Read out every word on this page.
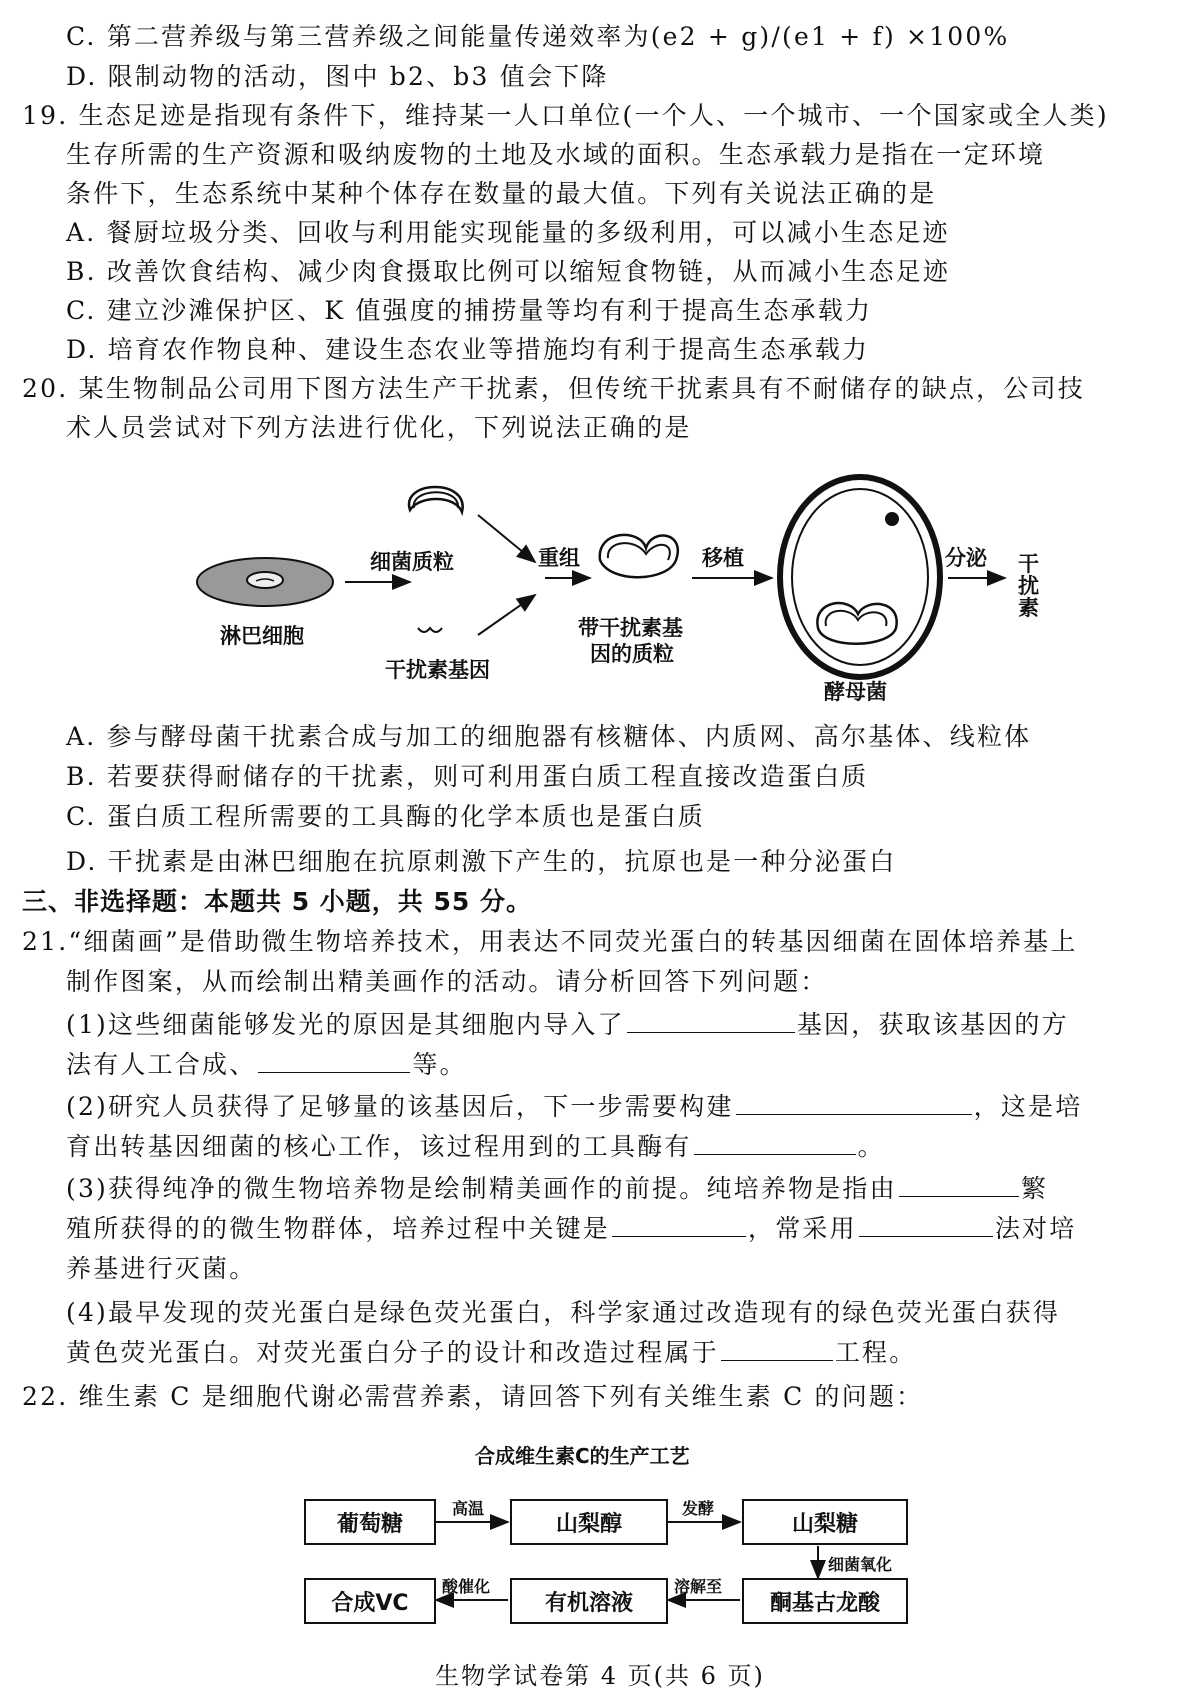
C. 第二营养级与第三营养级之间能量传递效率为(e2 + g)/(e1 + f) ×100%
D. 限制动物的活动，图中 b2、b3 值会下降
19. 生态足迹是指现有条件下，维持某一人口单位(一个人、一个城市、一个国家或全人类)
生存所需的生产资源和吸纳废物的土地及水域的面积。生态承载力是指在一定环境
条件下，生态系统中某种个体存在数量的最大值。下列有关说法正确的是
A. 餐厨垃圾分类、回收与利用能实现能量的多级利用，可以减小生态足迹
B. 改善饮食结构、减少肉食摄取比例可以缩短食物链，从而减小生态足迹
C. 建立沙滩保护区、K 值强度的捕捞量等均有利于提高生态承载力
D. 培育农作物良种、建设生态农业等措施均有利于提高生态承载力
20. 某生物制品公司用下图方法生产干扰素，但传统干扰素具有不耐储存的缺点，公司技
术人员尝试对下列方法进行优化，下列说法正确的是
淋巴细胞
细菌质粒
干扰素基因
重组
带干扰素基
因的质粒
移植
酵母菌
分泌 干
扰
素
A. 参与酵母菌干扰素合成与加工的细胞器有核糖体、内质网、高尔基体、线粒体
B. 若要获得耐储存的干扰素，则可利用蛋白质工程直接改造蛋白质
C. 蛋白质工程所需要的工具酶的化学本质也是蛋白质
D. 干扰素是由淋巴细胞在抗原刺激下产生的，抗原也是一种分泌蛋白
三、非选择题：本题共 5 小题，共 55 分。
21.“细菌画”是借助微生物培养技术，用表达不同荧光蛋白的转基因细菌在固体培养基上
制作图案，从而绘制出精美画作的活动。请分析回答下列问题：
(1)这些细菌能够发光的原因是其细胞内导入了	基因，获取该基因的方
法有人工合成、	等。
(2)研究人员获得了足够量的该基因后，下一步需要构建	，这是培
育出转基因细菌的核心工作，该过程用到的工具酶有	。
(3)获得纯净的微生物培养物是绘制精美画作的前提。纯培养物是指由	繁
殖所获得的的微生物群体，培养过程中关键是	，常采用	法对培
养基进行灭菌。
(4)最早发现的荧光蛋白是绿色荧光蛋白，科学家通过改造现有的绿色荧光蛋白获得
黄色荧光蛋白。对荧光蛋白分子的设计和改造过程属于	工程。
22. 维生素 C 是细胞代谢必需营养素，请回答下列有关维生素 C 的问题：
合成维生素C的生产工艺
葡萄糖
高温
山梨醇
发酵
山梨糖
细菌氧化
酮基古龙酸
溶解至
有机溶液
酸催化
合成VC
生物学试卷第 4 页(共 6 页)
